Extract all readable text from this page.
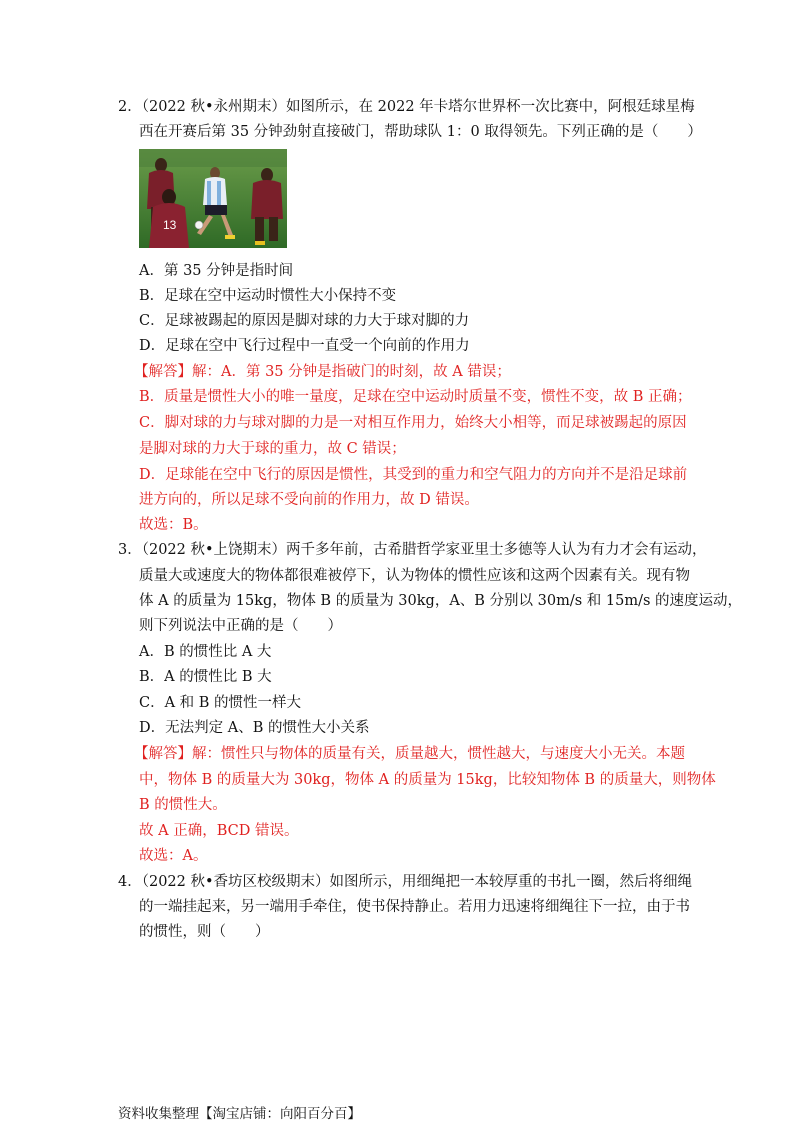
2．（2022 秋•永州期末）如图所示，在 2022 年卡塔尔世界杯一次比赛中，阿根廷球星梅
西在开赛后第 35 分钟劲射直接破门，帮助球队 1：0 取得领先。下列正确的是（　　）
13
A．第 35 分钟是指时间
B．足球在空中运动时惯性大小保持不变
C．足球被踢起的原因是脚对球的力大于球对脚的力
D．足球在空中飞行过程中一直受一个向前的作用力
【解答】解：A．第 35 分钟是指破门的时刻，故 A 错误；
B．质量是惯性大小的唯一量度，足球在空中运动时质量不变，惯性不变，故 B 正确；
C．脚对球的力与球对脚的力是一对相互作用力，始终大小相等，而足球被踢起的原因
是脚对球的力大于球的重力，故 C 错误；
D．足球能在空中飞行的原因是惯性，其受到的重力和空气阻力的方向并不是沿足球前
进方向的，所以足球不受向前的作用力，故 D 错误。
故选：B。
3．（2022 秋•上饶期末）两千多年前，古希腊哲学家亚里士多德等人认为有力才会有运动，
质量大或速度大的物体都很难被停下，认为物体的惯性应该和这两个因素有关。现有物
体 A 的质量为 15kg，物体 B 的质量为 30kg，A、B 分别以 30m/s 和 15m/s 的速度运动，
则下列说法中正确的是（　　）
A．B 的惯性比 A 大
B．A 的惯性比 B 大
C．A 和 B 的惯性一样大
D．无法判定 A、B 的惯性大小关系
【解答】解：惯性只与物体的质量有关，质量越大，惯性越大，与速度大小无关。本题
中，物体 B 的质量大为 30kg，物体 A 的质量为 15kg，比较知物体 B 的质量大，则物体
B 的惯性大。
故 A 正确，BCD 错误。
故选：A。
4．（2022 秋•香坊区校级期末）如图所示，用细绳把一本较厚重的书扎一圈，然后将细绳
的一端挂起来，另一端用手牵住，使书保持静止。若用力迅速将细绳往下一拉，由于书
的惯性，则（　　）
资料收集整理【淘宝店铺：向阳百分百】
